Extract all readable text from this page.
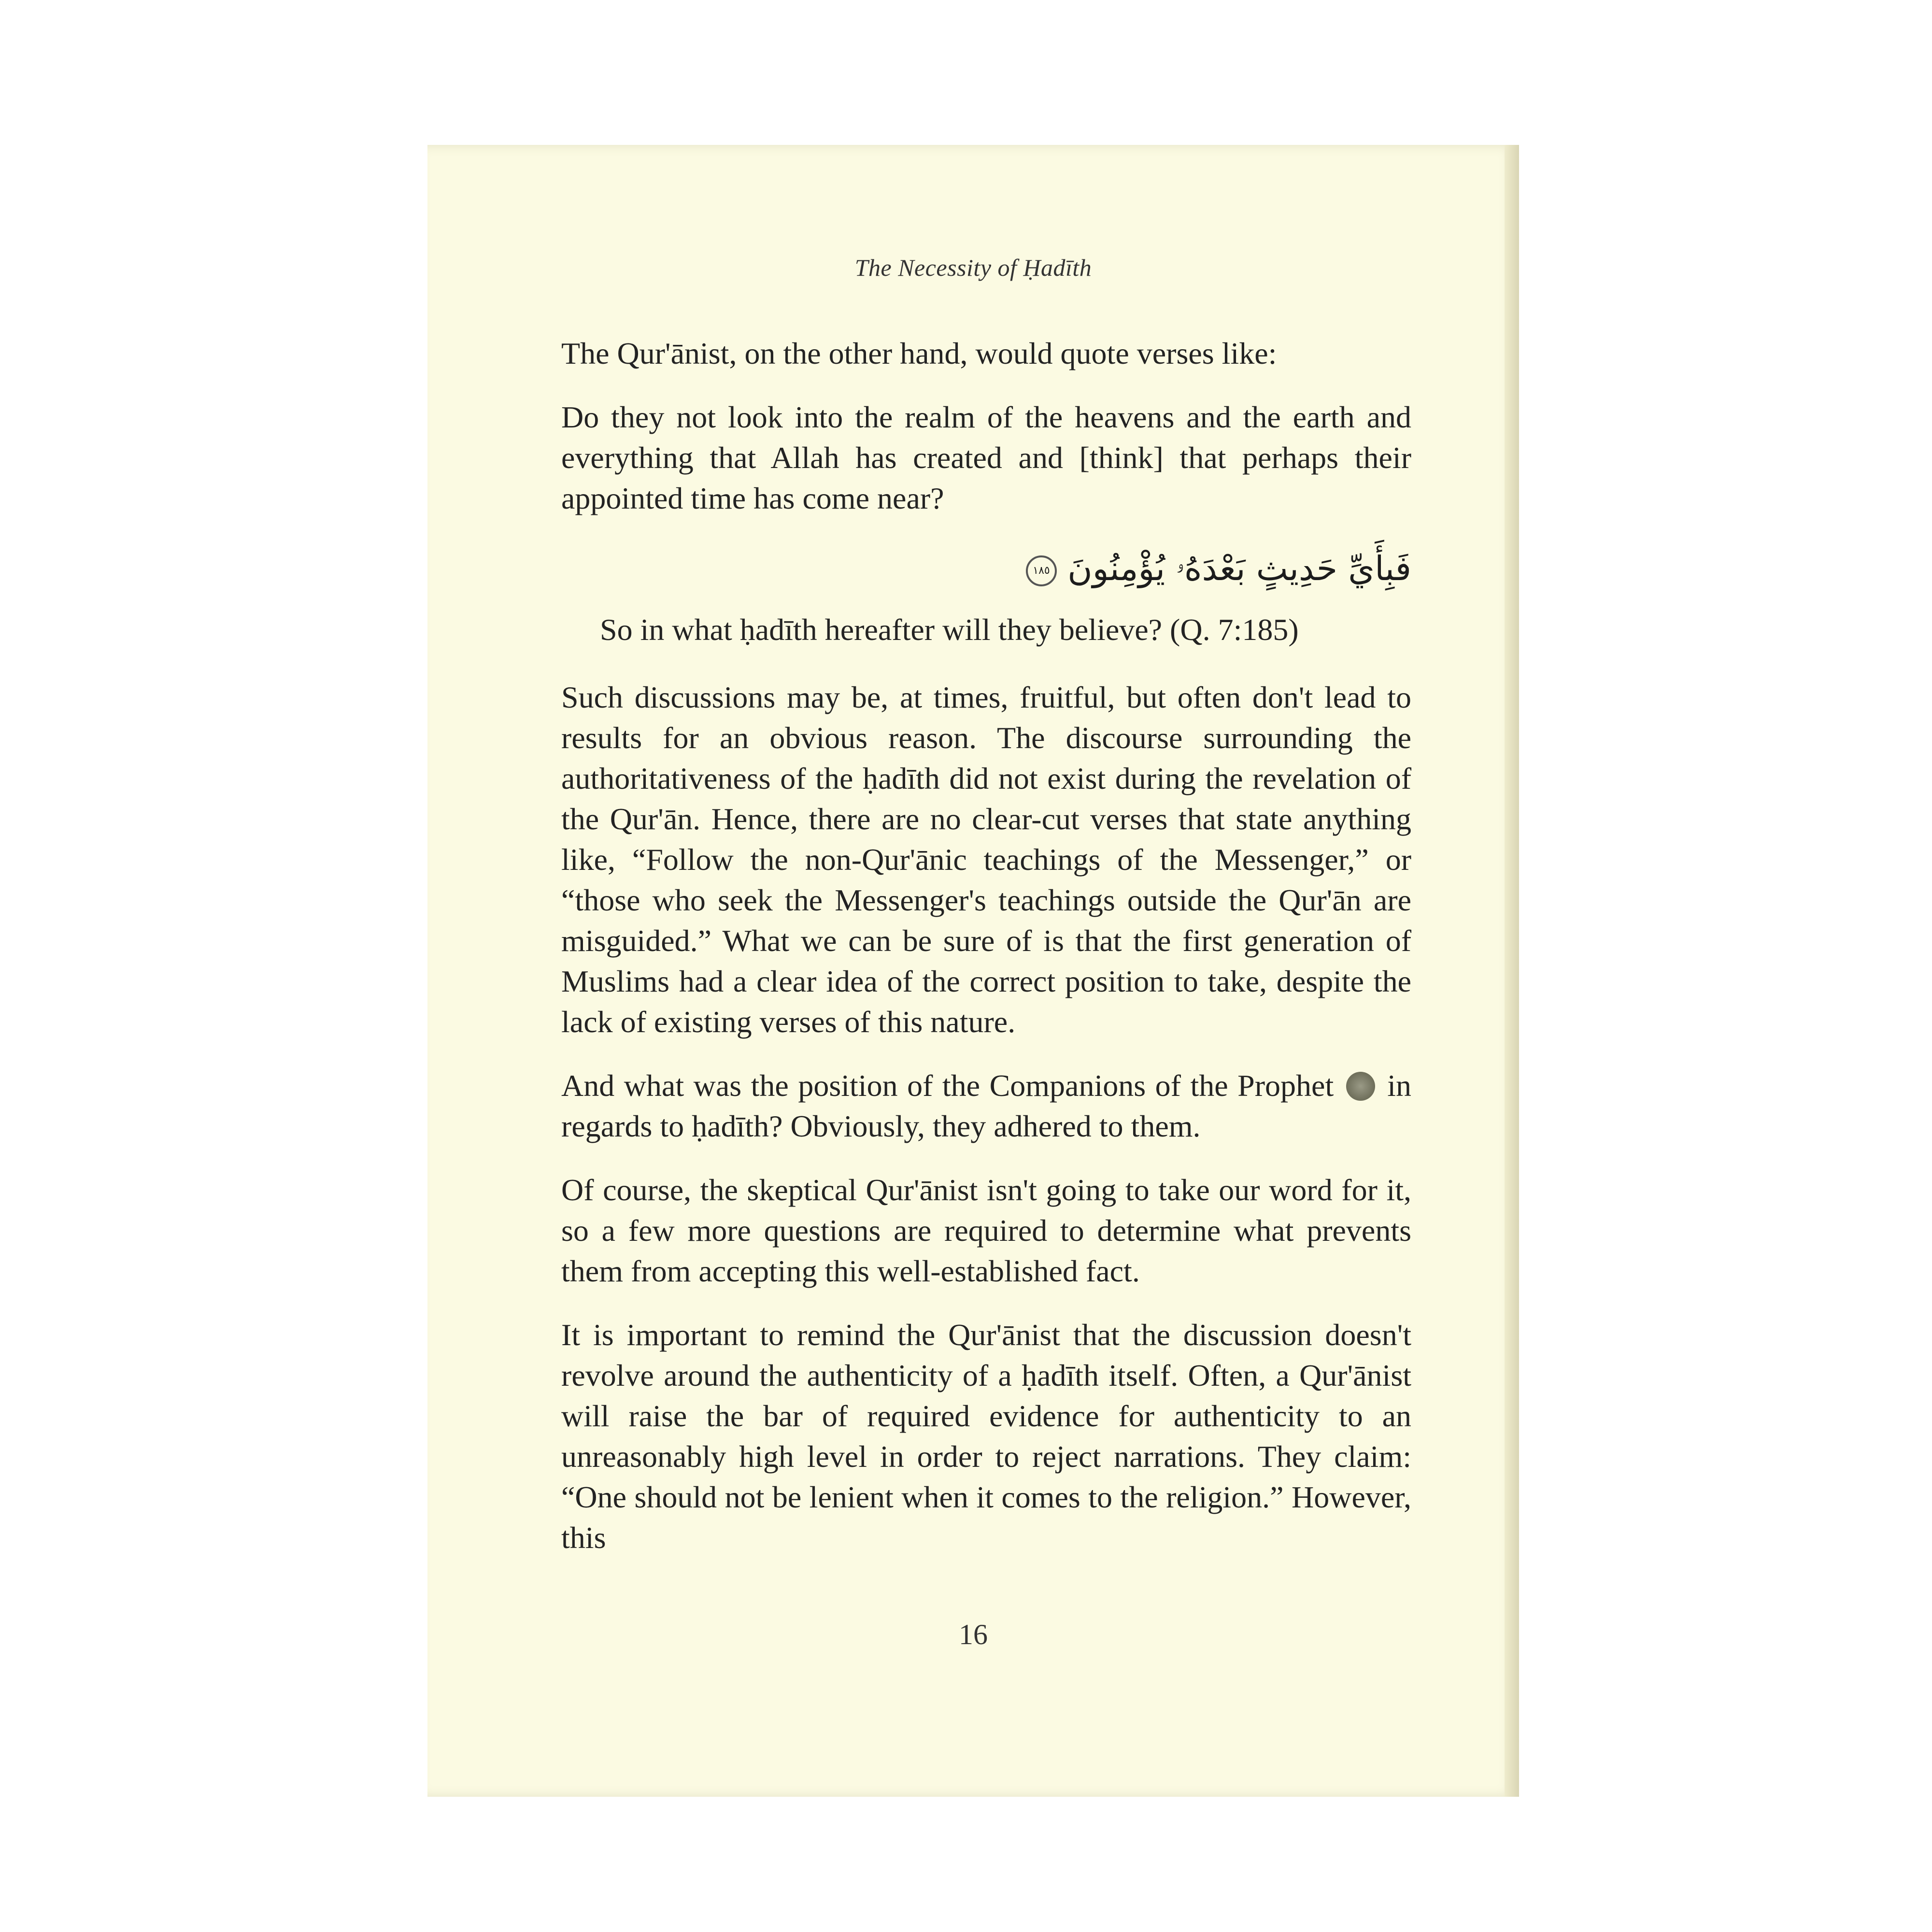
The Necessity of Ḥadīth

The Qur'ānist, on the other hand, would quote verses like:

Do they not look into the realm of the heavens and the earth and everything that Allah has created and [think] that perhaps their appointed time has come near?

فَبِأَيِّ حَدِيثٍ بَعْدَهُۥ يُؤْمِنُونَ ١٨٥

So in what ḥadīth hereafter will they believe? (Q. 7:185)

Such discussions may be, at times, fruitful, but often don't lead to results for an obvious reason. The discourse surrounding the authoritativeness of the ḥadīth did not exist during the revelation of the Qur'ān. Hence, there are no clear-cut verses that state anything like, “Follow the non-Qur'ānic teachings of the Messenger,” or “those who seek the Messenger's teachings outside the Qur'ān are misguided.” What we can be sure of is that the first generation of Muslims had a clear idea of the correct position to take, despite the lack of existing verses of this nature.

And what was the position of the Companions of the Prophet in regards to ḥadīth? Obviously, they adhered to them.

Of course, the skeptical Qur'ānist isn't going to take our word for it, so a few more questions are required to determine what prevents them from accepting this well-established fact.

It is important to remind the Qur'ānist that the discussion doesn't revolve around the authenticity of a ḥadīth itself. Often, a Qur'ānist will raise the bar of required evidence for authenticity to an unreasonably high level in order to reject narrations. They claim: “One should not be lenient when it comes to the religion.” However, this

16
